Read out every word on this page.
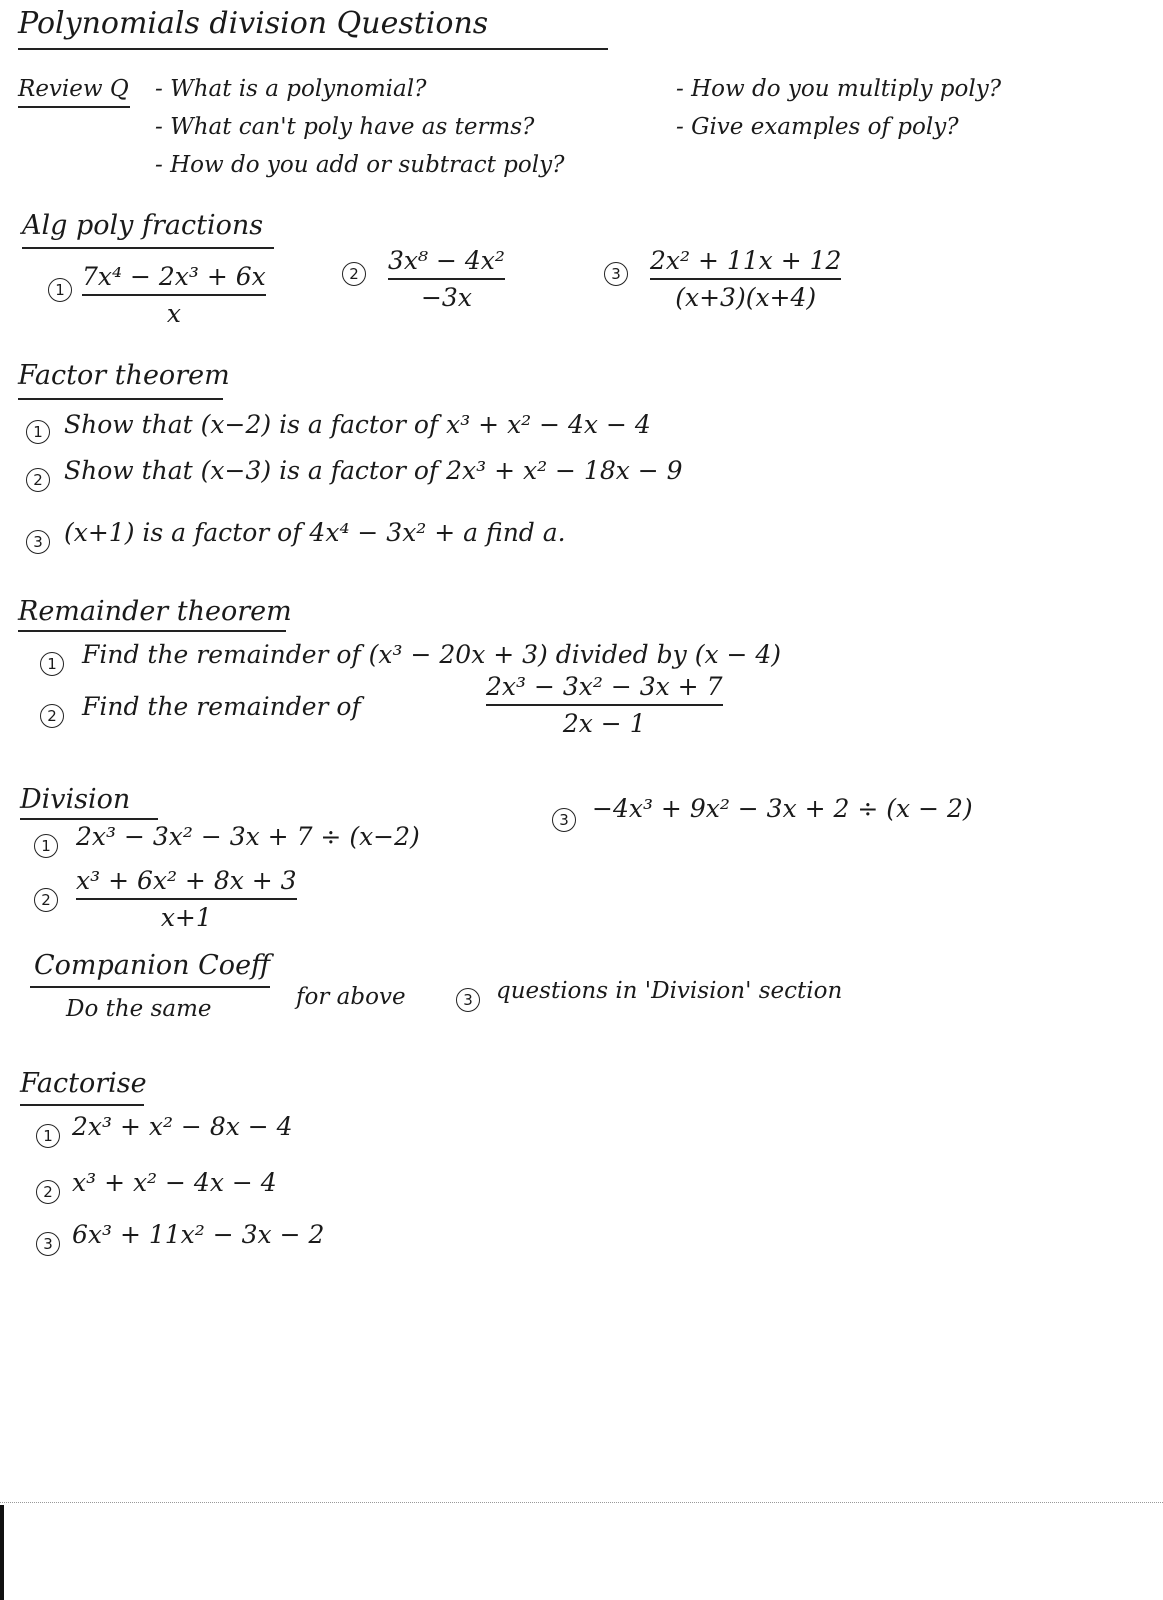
Polynomials division Questions
Review Q - What is a polynomial?
- What can't poly have as terms?
- How do you add or subtract poly?
- How do you multiply poly?
- Give examples of poly?
Alg poly fractions
1 7x⁴ − 2x³ + 6x
x
2 3x⁸ − 4x²
−3x
3 2x² + 11x + 12
(x+3)(x+4)
Factor theorem
1 Show that (x−2) is a factor of x³ + x² − 4x − 4
2 Show that (x−3) is a factor of 2x³ + x² − 18x − 9
3 (x+1) is a factor of 4x⁴ − 3x² + a find a.
Remainder theorem
1 Find the remainder of (x³ − 20x + 3) divided by (x − 4)
2 Find the remainder of
2x³ − 3x² − 3x + 7
2x − 1
Division
1 2x³ − 3x² − 3x + 7 ÷ (x−2)
3 −4x³ + 9x² − 3x + 2 ÷ (x − 2)
2
x³ + 6x² + 8x + 3
x+1
Companion Coeff
Do the same	for above	3	questions in 'Division' section
Factorise
1 2x³ + x² − 8x − 4
2 x³ + x² − 4x − 4
3 6x³ + 11x² − 3x − 2
